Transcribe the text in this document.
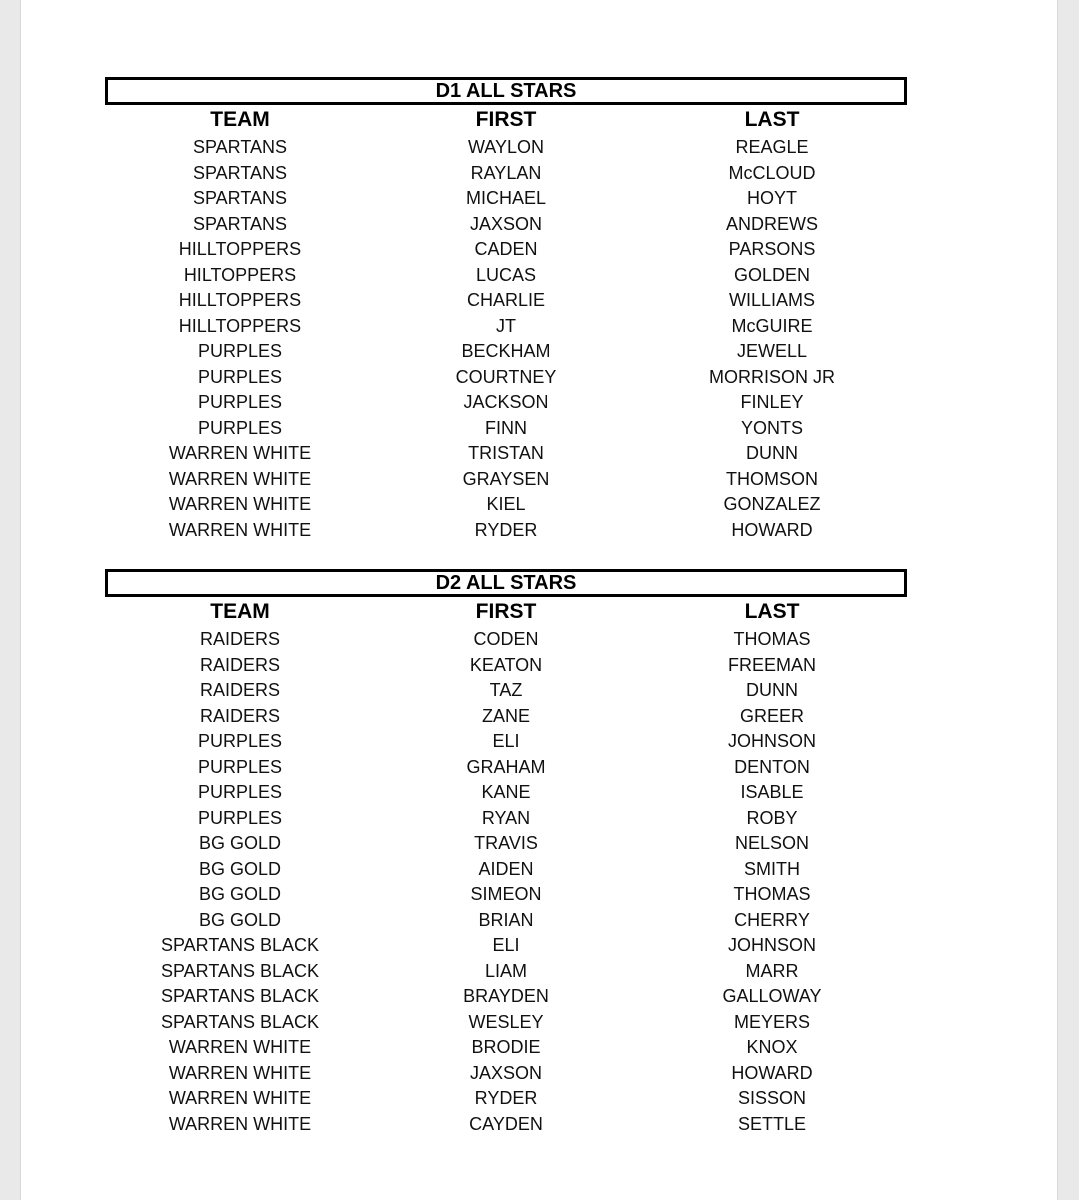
D1 ALL STARS
TEAM	FIRST	LAST
SPARTANS	WAYLON	REAGLE
SPARTANS	RAYLAN	McCLOUD
SPARTANS	MICHAEL	HOYT
SPARTANS	JAXSON	ANDREWS
HILLTOPPERS	CADEN	PARSONS
HILTOPPERS	LUCAS	GOLDEN
HILLTOPPERS	CHARLIE	WILLIAMS
HILLTOPPERS	JT	McGUIRE
PURPLES	BECKHAM	JEWELL
PURPLES	COURTNEY	MORRISON JR
PURPLES	JACKSON	FINLEY
PURPLES	FINN	YONTS
WARREN WHITE	TRISTAN	DUNN
WARREN WHITE	GRAYSEN	THOMSON
WARREN WHITE	KIEL	GONZALEZ
WARREN WHITE	RYDER	HOWARD
D2 ALL STARS
TEAM	FIRST	LAST
RAIDERS	CODEN	THOMAS
RAIDERS	KEATON	FREEMAN
RAIDERS	TAZ	DUNN
RAIDERS	ZANE	GREER
PURPLES	ELI	JOHNSON
PURPLES	GRAHAM	DENTON
PURPLES	KANE	ISABLE
PURPLES	RYAN	ROBY
BG GOLD	TRAVIS	NELSON
BG GOLD	AIDEN	SMITH
BG GOLD	SIMEON	THOMAS
BG GOLD	BRIAN	CHERRY
SPARTANS BLACK	ELI	JOHNSON
SPARTANS BLACK	LIAM	MARR
SPARTANS BLACK	BRAYDEN	GALLOWAY
SPARTANS BLACK	WESLEY	MEYERS
WARREN WHITE	BRODIE	KNOX
WARREN WHITE	JAXSON	HOWARD
WARREN WHITE	RYDER	SISSON
WARREN WHITE	CAYDEN	SETTLE
